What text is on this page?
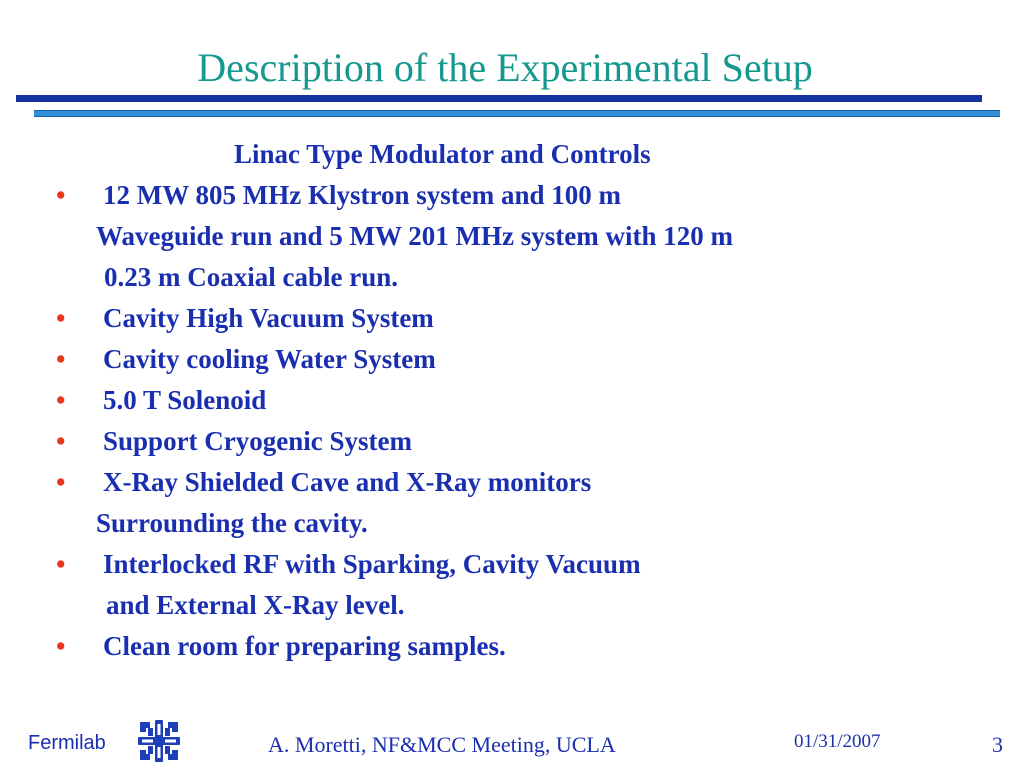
Description of the Experimental Setup
Linac Type Modulator and Controls
• 12 MW 805 MHz Klystron system and 100 m
Waveguide run and 5 MW 201 MHz system with 120 m
0.23 m Coaxial cable run.
• Cavity High Vacuum System
• Cavity cooling Water System
• 5.0 T Solenoid
• Support Cryogenic System
• X-Ray Shielded Cave and X-Ray monitors
Surrounding the cavity.
• Interlocked RF with Sparking, Cavity Vacuum
and External X-Ray level.
• Clean room for preparing samples.
Fermilab	A. Moretti, NF&MCC Meeting, UCLA	01/31/2007	3
